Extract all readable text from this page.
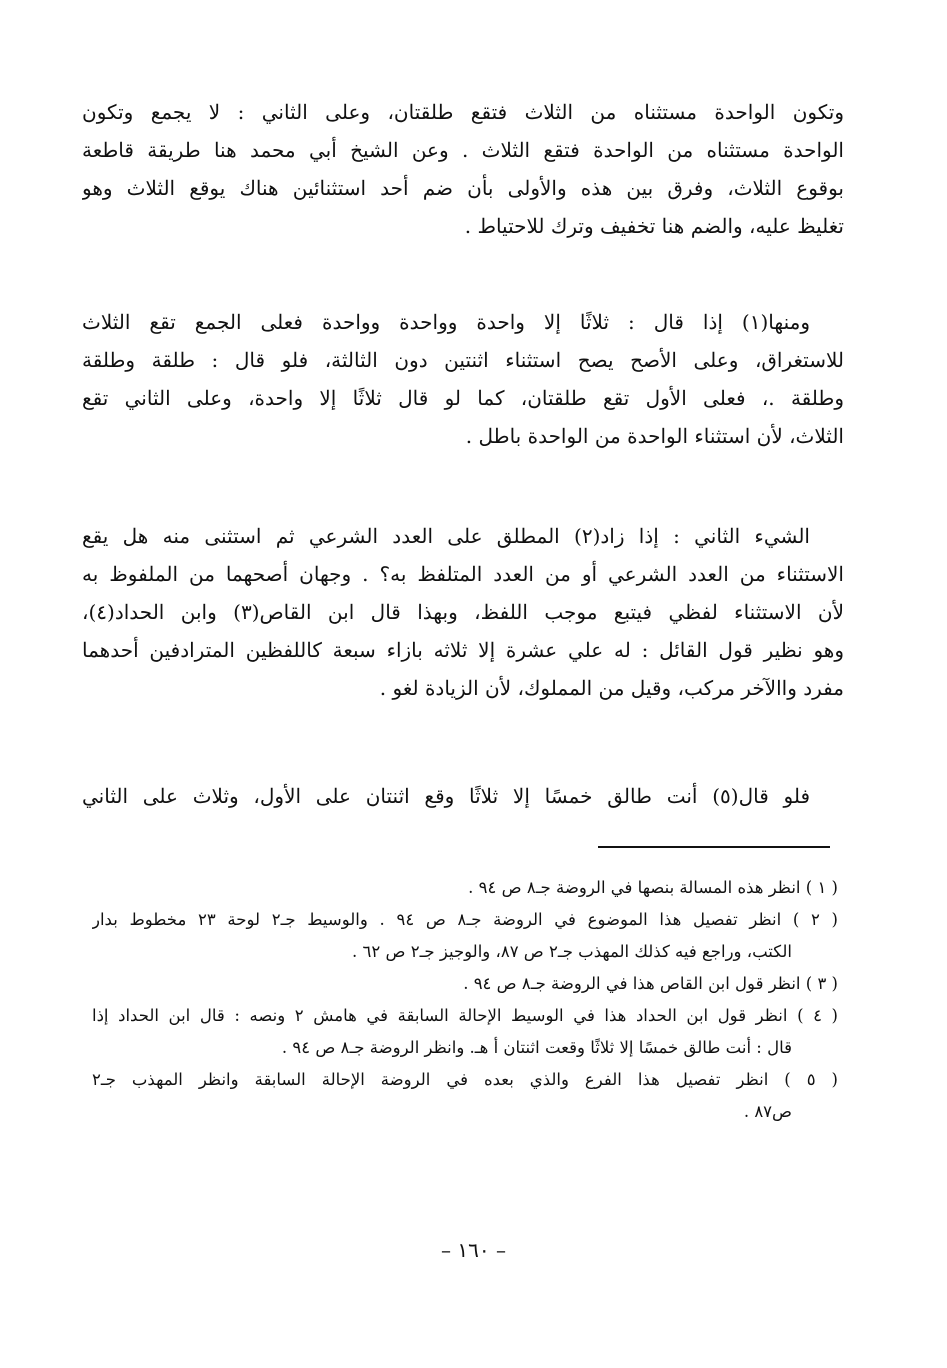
وتكون الواحدة مستثناه من الثلاث فتقع طلقتان، وعلى الثاني : لا يجمع وتكون
الواحدة مستثناه من الواحدة فتقع الثلاث . وعن الشيخ أبي محمد هنا طريقة قاطعة
بوقوع الثلاث، وفرق بين هذه والأولى بأن ضم أحد استثنائين هناك يوقع الثلاث وهو
تغليظ عليه، والضم هنا تخفيف وترك للاحتياط .
ومنها(١) إذا قال : ثلاثًا إلا واحدة وواحدة وواحدة فعلى الجمع تقع الثلاث
للاستغراق، وعلى الأصح يصح استثناء اثنتين دون الثالثة، فلو قال : طلقة وطلقة
وطلقة .، فعلى الأول تقع طلقتان، كما لو قال ثلاثًا إلا واحدة، وعلى الثاني تقع
الثلاث، لأن استثناء الواحدة من الواحدة باطل .
الشيء الثاني : إذا زاد(٢) المطلق على العدد الشرعي ثم استثنى منه هل يقع
الاستثناء من العدد الشرعي أو من العدد المتلفظ به؟ . وجهان أصحهما من الملفوظ به
لأن الاستثناء لفظي فيتبع موجب اللفظ، وبهذا قال ابن القاص(٣) وابن الحداد(٤)،
وهو نظير قول القائل : له علي عشرة إلا ثلاثه بازاء سبعة كاللفظين المترادفين أحدهما
مفرد واالآخر مركب، وقيل من المملوك، لأن الزيادة لغو .
فلو قال(٥) أنت طالق خمسًا إلا ثلاثًا وقع اثنتان على الأول، وثلاث على الثاني
( ١ ) انظر هذه المسالة بنصها في الروضة جـ٨ ص ٩٤ .
( ٢ ) انظر تفصيل هذا الموضوع في الروضة جـ٨ ص ٩٤ . والوسيط جـ٢ لوحة ٢٣ مخطوط بدار
الكتب، وراجع فيه كذلك المهذب جـ٢ ص ٨٧، والوجيز جـ٢ ص ٦٢ .
( ٣ ) انظر قول ابن القاص هذا في الروضة جـ٨ ص ٩٤ .
( ٤ ) انظر قول ابن الحداد هذا في الوسيط الإحالة السابقة في هامش ٢ ونصه : قال ابن الحداد إذا
قال : أنت طالق خمسًا إلا ثلاثًا وقعت اثنتان أ هـ. وانظر الروضة جـ٨ ص ٩٤ .
( ٥ ) انظر تفصيل هذا الفرع والذي بعده في الروضة الإحالة السابقة وانظر المهذب جـ٢
ص٨٧ .
– ١٦٠ –
